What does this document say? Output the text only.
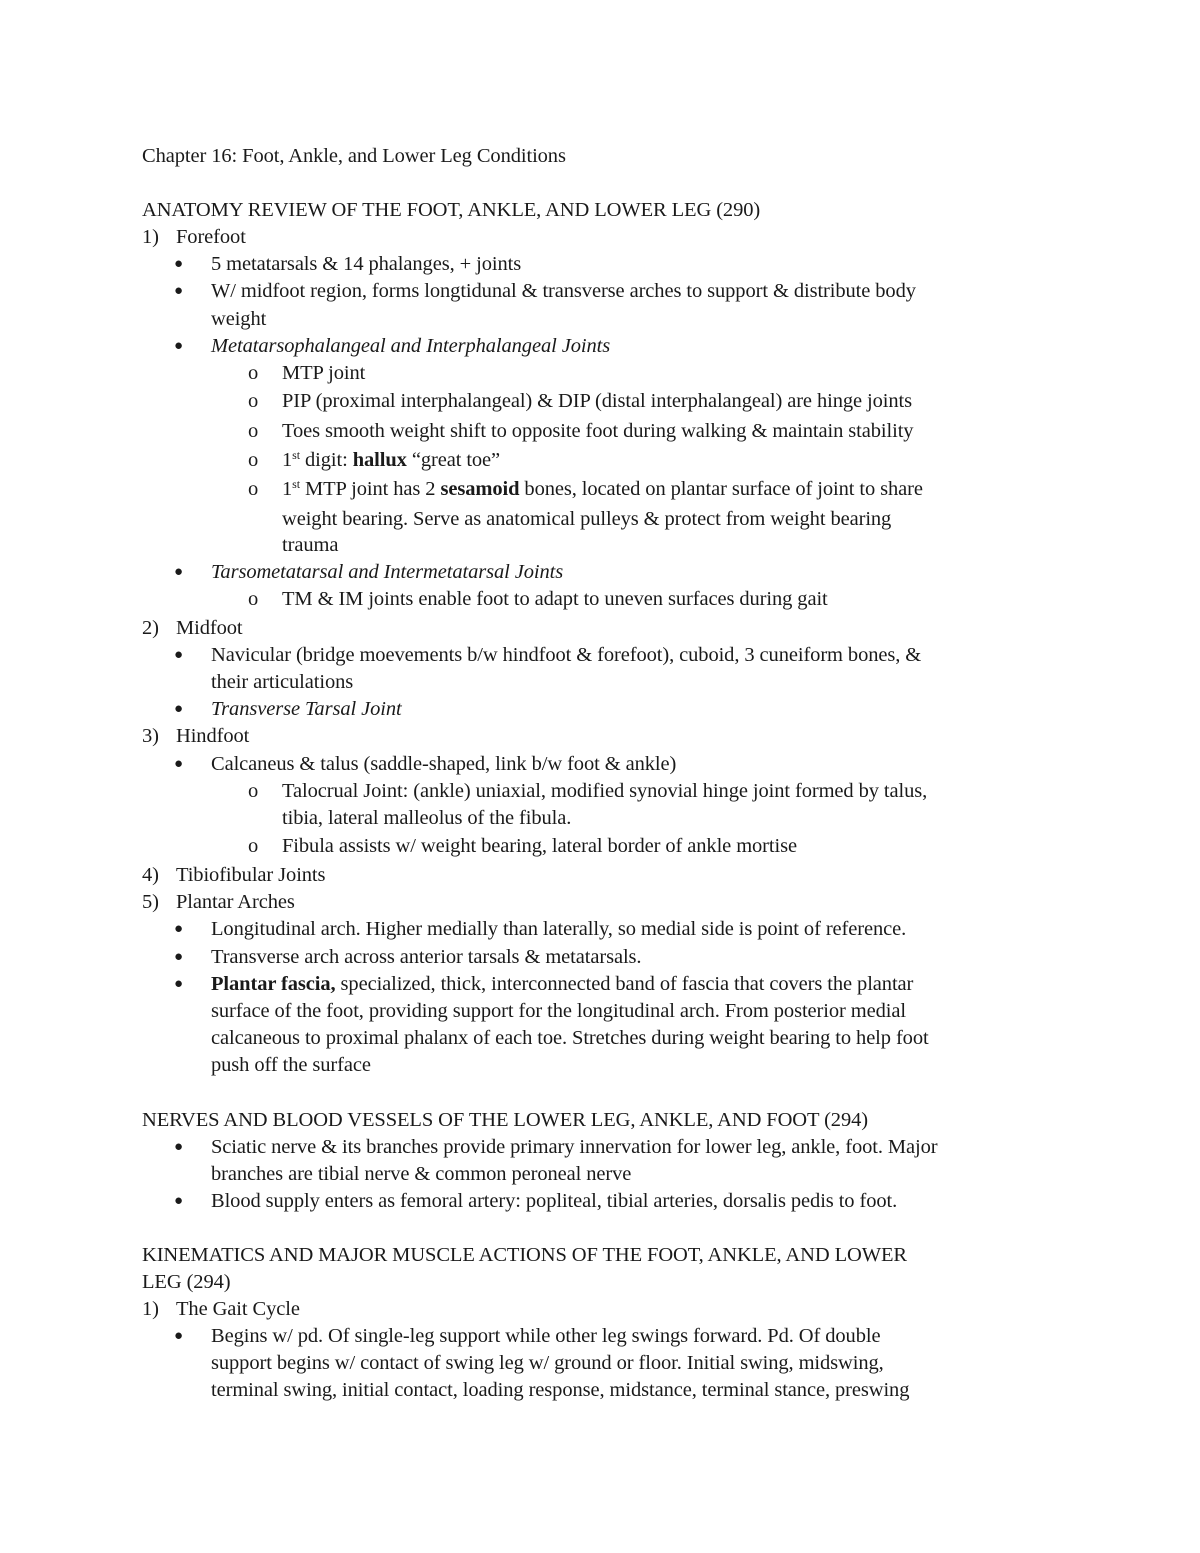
Chapter 16: Foot, Ankle, and Lower Leg Conditions

ANATOMY REVIEW OF THE FOOT, ANKLE, AND LOWER LEG (290)

1) Forefoot

● 5 metatarsals & 14 phalanges, + joints

● W/ midfoot region, forms longtidunal & transverse arches to support & distribute body

weight

● Metatarsophalangeal and Interphalangeal Joints

o MTP joint

o PIP (proximal interphalangeal) & DIP (distal interphalangeal) are hinge joints

o Toes smooth weight shift to opposite foot during walking & maintain stability

o 1st digit: hallux “great toe”

o 1st MTP joint has 2 sesamoid bones, located on plantar surface of joint to share

weight bearing. Serve as anatomical pulleys & protect from weight bearing

trauma

● Tarsometatarsal and Intermetatarsal Joints

o TM & IM joints enable foot to adapt to uneven surfaces during gait

2) Midfoot

● Navicular (bridge moevements b/w hindfoot & forefoot), cuboid, 3 cuneiform bones, &

their articulations

● Transverse Tarsal Joint

3) Hindfoot

● Calcaneus & talus (saddle-shaped, link b/w foot & ankle)

o Talocrual Joint: (ankle) uniaxial, modified synovial hinge joint formed by talus,

tibia, lateral malleolus of the fibula.

o Fibula assists w/ weight bearing, lateral border of ankle mortise

4) Tibiofibular Joints

5) Plantar Arches

● Longitudinal arch. Higher medially than laterally, so medial side is point of reference.

● Transverse arch across anterior tarsals & metatarsals.

● Plantar fascia, specialized, thick, interconnected band of fascia that covers the plantar

surface of the foot, providing support for the longitudinal arch. From posterior medial

calcaneous to proximal phalanx of each toe. Stretches during weight bearing to help foot

push off the surface

NERVES AND BLOOD VESSELS OF THE LOWER LEG, ANKLE, AND FOOT (294)

● Sciatic nerve & its branches provide primary innervation for lower leg, ankle, foot. Major

branches are tibial nerve & common peroneal nerve

● Blood supply enters as femoral artery: popliteal, tibial arteries, dorsalis pedis to foot.

KINEMATICS AND MAJOR MUSCLE ACTIONS OF THE FOOT, ANKLE, AND LOWER

LEG (294)

1) The Gait Cycle

● Begins w/ pd. Of single-leg support while other leg swings forward. Pd. Of double

support begins w/ contact of swing leg w/ ground or floor. Initial swing, midswing,

terminal swing, initial contact, loading response, midstance, terminal stance, preswing
